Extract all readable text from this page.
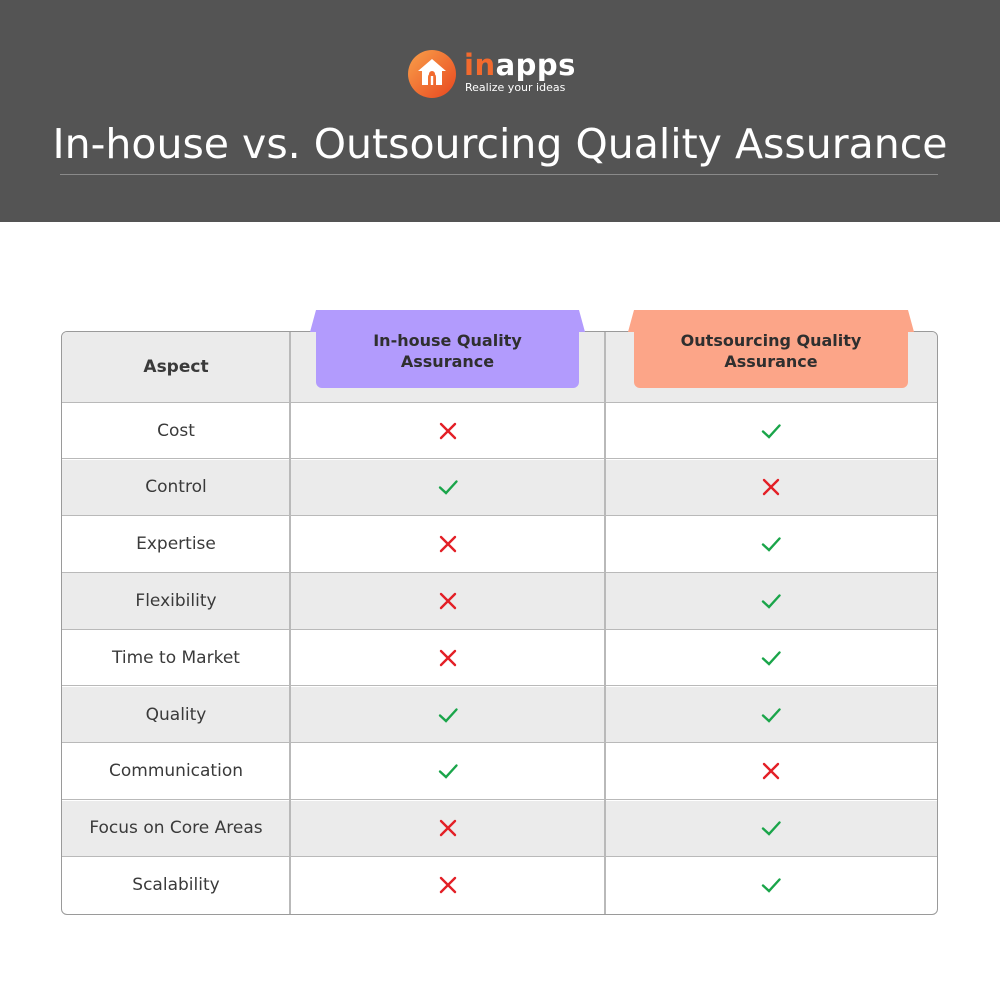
inapps
Realize your ideas
In-house vs. Outsourcing Quality Assurance
Aspect
Cost
Control
Expertise
Flexibility
Time to Market
Quality
Communication
Focus on Core Areas
Scalability
In-house Quality
Assurance
Outsourcing Quality
Assurance
